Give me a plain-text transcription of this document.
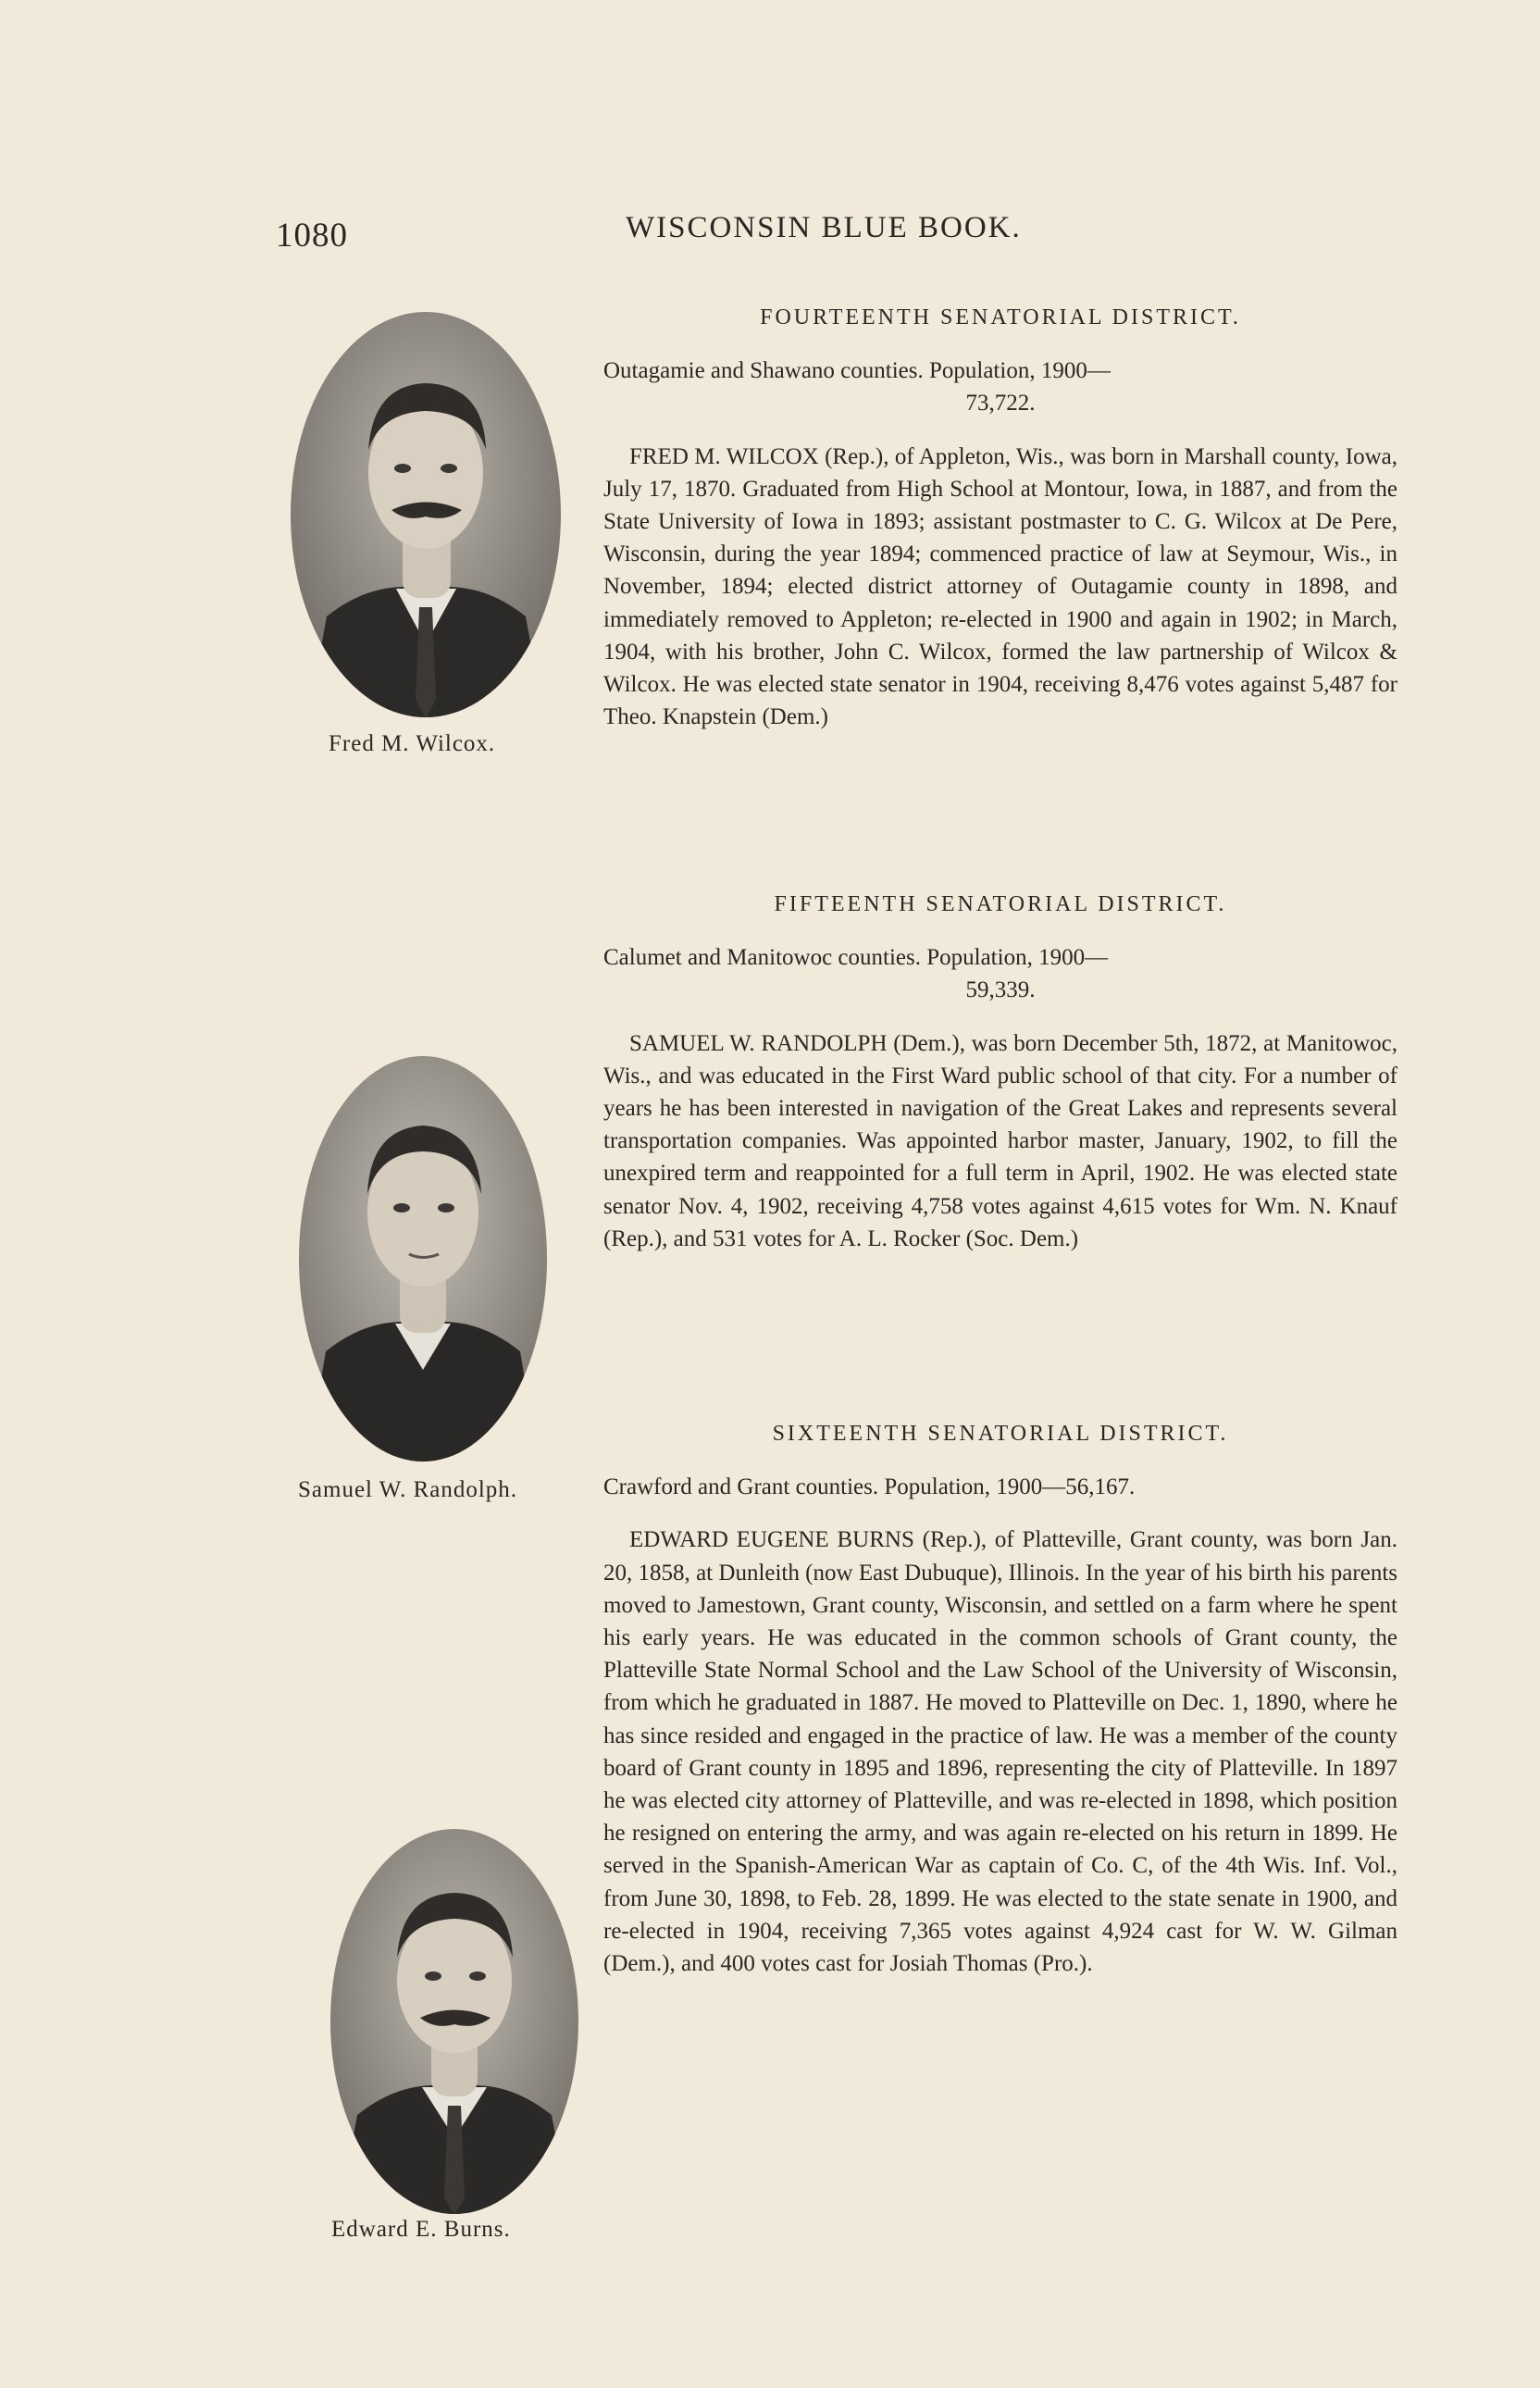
1080	WISCONSIN BLUE BOOK.
Fred M. Wilcox.
Samuel W. Randolph.
Edward E. Burns.
FOURTEENTH SENATORIAL DISTRICT.
Outagamie and Shawano counties. Population, 1900—
73,722.
FRED M. WILCOX (Rep.), of Appleton, Wis., was born in Marshall county, Iowa, July 17, 1870. Graduated from High School at Montour, Iowa, in 1887, and from the State University of Iowa in 1893; assistant postmaster to C. G. Wilcox at De Pere, Wisconsin, during the year 1894; commenced practice of law at Seymour, Wis., in November, 1894; elected district attorney of Outagamie county in 1898, and immediately removed to Appleton; re-elected in 1900 and again in 1902; in March, 1904, with his brother, John C. Wilcox, formed the law partnership of Wilcox & Wilcox. He was elected state senator in 1904, receiving 8,476 votes against 5,487 for Theo. Knapstein (Dem.)
FIFTEENTH SENATORIAL DISTRICT.
Calumet and Manitowoc counties. Population, 1900—
59,339.
SAMUEL W. RANDOLPH (Dem.), was born December 5th, 1872, at Manitowoc, Wis., and was educated in the First Ward public school of that city. For a number of years he has been interested in navigation of the Great Lakes and represents several transportation companies. Was appointed harbor master, January, 1902, to fill the unexpired term and reappointed for a full term in April, 1902. He was elected state senator Nov. 4, 1902, receiving 4,758 votes against 4,615 votes for Wm. N. Knauf (Rep.), and 531 votes for A. L. Rocker (Soc. Dem.)
SIXTEENTH SENATORIAL DISTRICT.
Crawford and Grant counties. Population, 1900—56,167.
EDWARD EUGENE BURNS (Rep.), of Platteville, Grant county, was born Jan. 20, 1858, at Dunleith (now East Dubuque), Illinois. In the year of his birth his parents moved to Jamestown, Grant county, Wisconsin, and settled on a farm where he spent his early years. He was educated in the common schools of Grant county, the Platteville State Normal School and the Law School of the University of Wisconsin, from which he graduated in 1887. He moved to Platteville on Dec. 1, 1890, where he has since resided and engaged in the practice of law. He was a member of the county board of Grant county in 1895 and 1896, representing the city of Platteville. In 1897 he was elected city attorney of Platteville, and was re-elected in 1898, which position he resigned on entering the army, and was again re-elected on his return in 1899. He served in the Spanish-American War as captain of Co. C, of the 4th Wis. Inf. Vol., from June 30, 1898, to Feb. 28, 1899. He was elected to the state senate in 1900, and re-elected in 1904, receiving 7,365 votes against 4,924 cast for W. W. Gilman (Dem.), and 400 votes cast for Josiah Thomas (Pro.).
